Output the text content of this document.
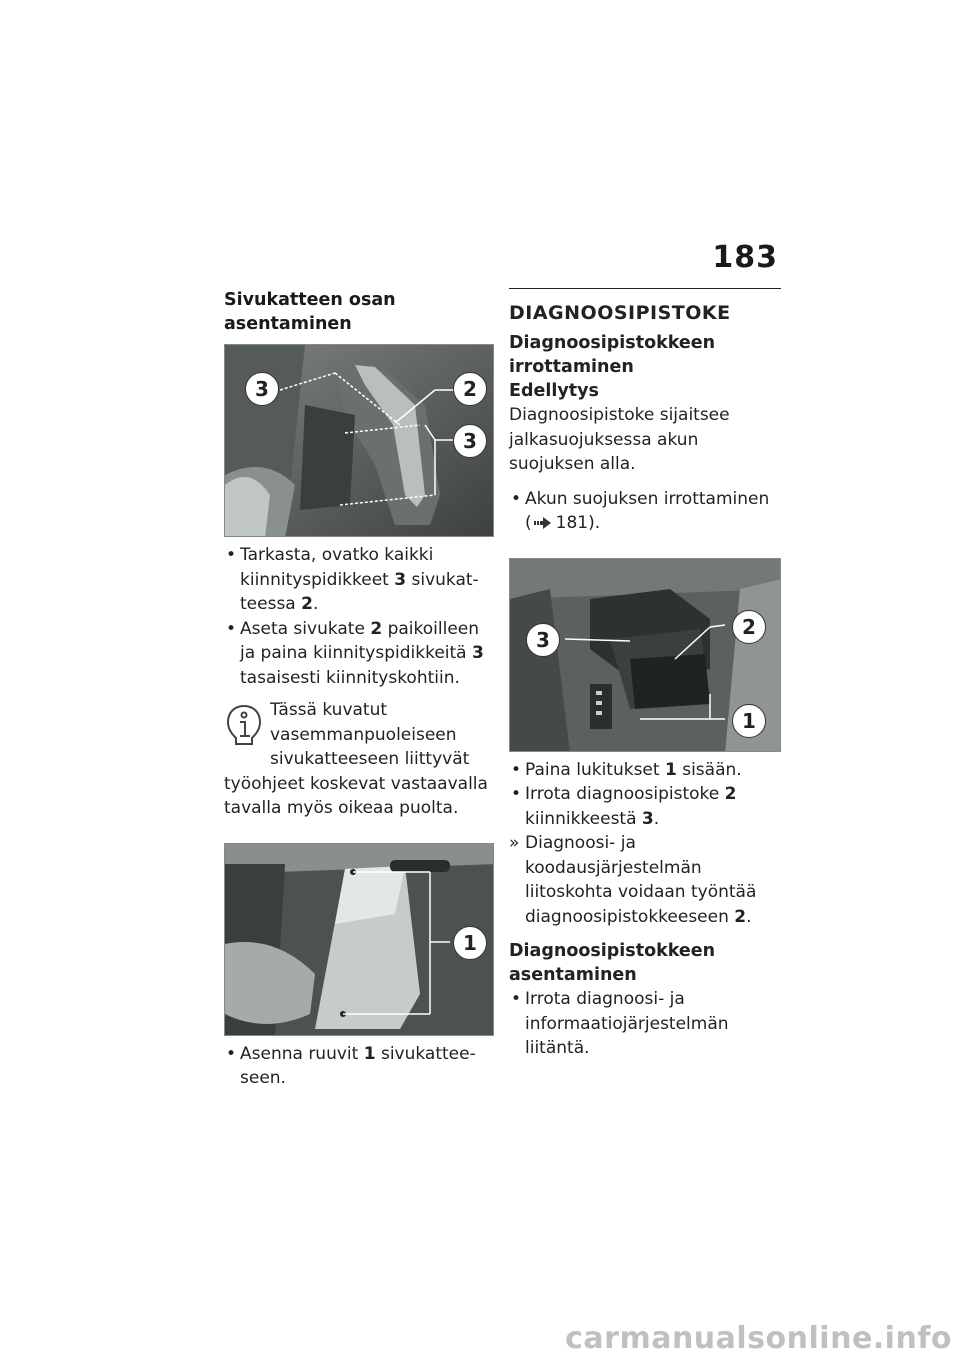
183
Sivukatteen osan asentaminen
3	2
3
• Tarkasta, ovatko kaikki kiinnityspidikkeet 3 sivukat-teessa 2.
• Aseta sivukate 2 paikoilleen ja paina kiinnityspidikkeitä 3 tasaisesti kiinnityskohtiin.
Tässä kuvatut vasemmanpuoleiseen sivukatteeseen liittyvät työohjeet koskevat vastaavalla tavalla myös oikeaa puolta.
1
• Asenna ruuvit 1 sivukattee-seen.
DIAGNOOSIPISTOKE
Diagnoosipistokkeen irrottaminen
Edellytys

Diagnoosipistoke sijaitsee jalkasuojuksessa akun suojuksen alla.

• Akun suojuksen irrottaminen
( 181).
3
2
1
• Paina lukitukset 1 sisään.
• Irrota diagnoosipistoke 2 kiinnikkeestä 3.
» Diagnoosi- ja koodausjärjestelmän liitoskohta voidaan työntää diagnoosipistokkeeseen 2.
Diagnoosipistokkeen asentaminen
• Irrota diagnoosi- ja informaatiojärjestelmän liitäntä.
carmanualsonline.info
